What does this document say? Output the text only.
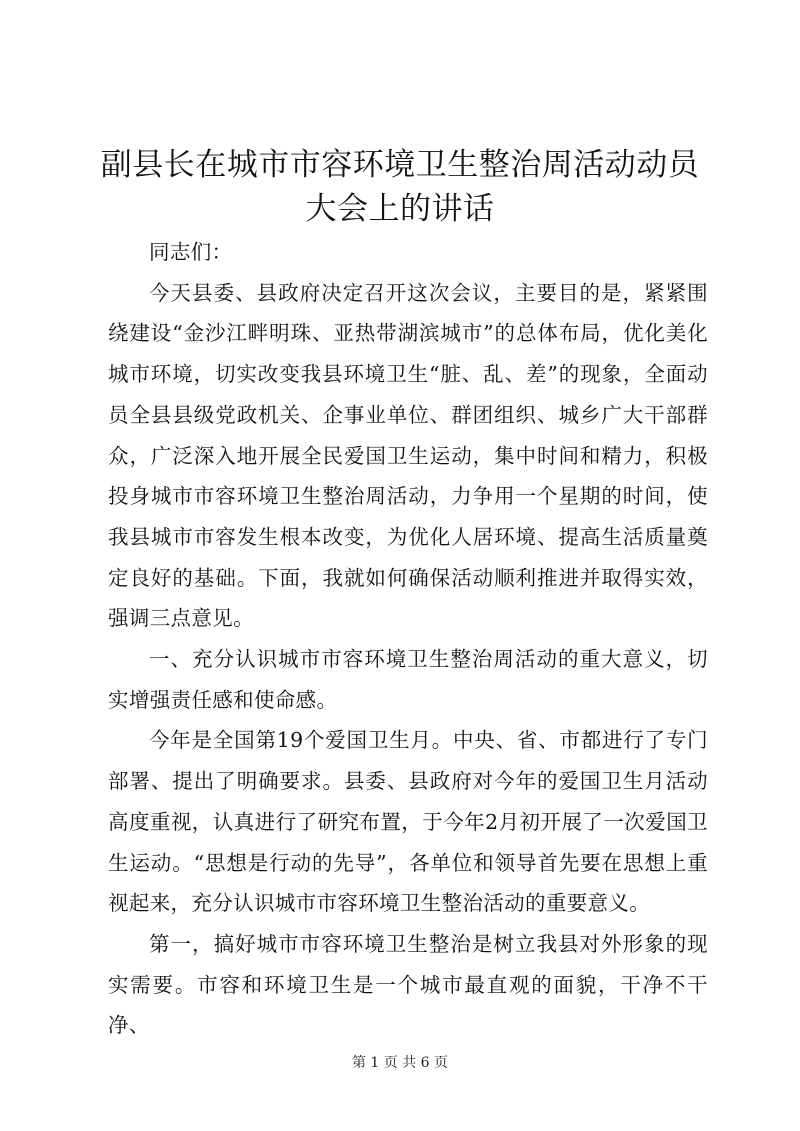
副县长在城市市容环境卫生整治周活动动员大会上的讲话

同志们：

今天县委、县政府决定召开这次会议，主要目的是，紧紧围绕建设“金沙江畔明珠、亚热带湖滨城市”的总体布局，优化美化城市环境，切实改变我县环境卫生“脏、乱、差”的现象，全面动员全县县级党政机关、企事业单位、群团组织、城乡广大干部群众，广泛深入地开展全民爱国卫生运动，集中时间和精力，积极投身城市市容环境卫生整治周活动，力争用一个星期的时间，使我县城市市容发生根本改变，为优化人居环境、提高生活质量奠定良好的基础。下面，我就如何确保活动顺利推进并取得实效，强调三点意见。

一、充分认识城市市容环境卫生整治周活动的重大意义，切实增强责任感和使命感。

今年是全国第19个爱国卫生月。中央、省、市都进行了专门部署、提出了明确要求。县委、县政府对今年的爱国卫生月活动高度重视，认真进行了研究布置，于今年2月初开展了一次爱国卫生运动。“思想是行动的先导”，各单位和领导首先要在思想上重视起来，充分认识城市市容环境卫生整治活动的重要意义。

第一，搞好城市市容环境卫生整治是树立我县对外形象的现实需要。市容和环境卫生是一个城市最直观的面貌，干净不干净、

第 1 页 共 6 页
